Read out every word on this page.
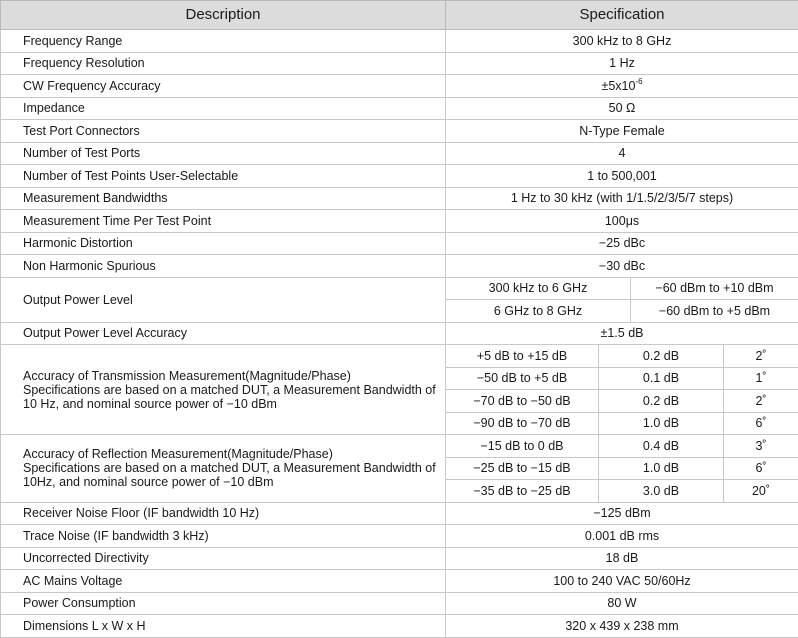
Description	Specification			
Frequency Range	300 kHz to 8 GHz			
Frequency Resolution	1 Hz			
CW Frequency Accuracy	$\pm 5x10^{-6}$
Impedance	50 Ω			
Test Port Connectors	N-Type Female			
Number of Test Ports	4			
Number of Test Points User-Selectable	1 to 500,001			
Measurement Bandwidths	1 Hz to 30 kHz (with 1/1.5/2/3/5/7 steps)			
Measurement Time Per Test Point	100μs			
Harmonic Distortion	−25 dBc			
Non Harmonic Spurious	−30 dBc			
Output Power Level	300 kHz to 6 GHz		−60 dBm to +10 dBm	
	6 GHz to 8 GHz		−60 dBm to +5 dBm	
Output Power Level Accuracy	±1.5 dB			
Accuracy of Transmission Measurement(Magnitude/Phase)
Specifications are based on a matched DUT, a Measurement Bandwidth of 10 Hz, and nominal source power of −10 dBm	+5 dB to +15 dB	0.2 dB		2˚
	−50 dB to +5 dB	0.1 dB		1˚
	−70 dB to −50 dB	0.2 dB		2˚
	−90 dB to −70 dB	1.0 dB		6˚
Accuracy of Reflection Measurement(Magnitude/Phase)
Specifications are based on a matched DUT, a Measurement Bandwidth of 10Hz, and nominal source power of −10 dBm	−15 dB to 0 dB	0.4 dB		3˚
	−25 dB to −15 dB	1.0 dB		6˚
	−35 dB to −25 dB	3.0 dB		20˚
Receiver Noise Floor (IF bandwidth 10 Hz)	−125 dBm			
Trace Noise (IF bandwidth 3 kHz)	0.001 dB rms			
Uncorrected Directivity	18 dB			
AC Mains Voltage	100 to 240 VAC 50/60Hz			
Power Consumption	80 W			
Dimensions L x W x H	320 x 439 x 238 mm			
